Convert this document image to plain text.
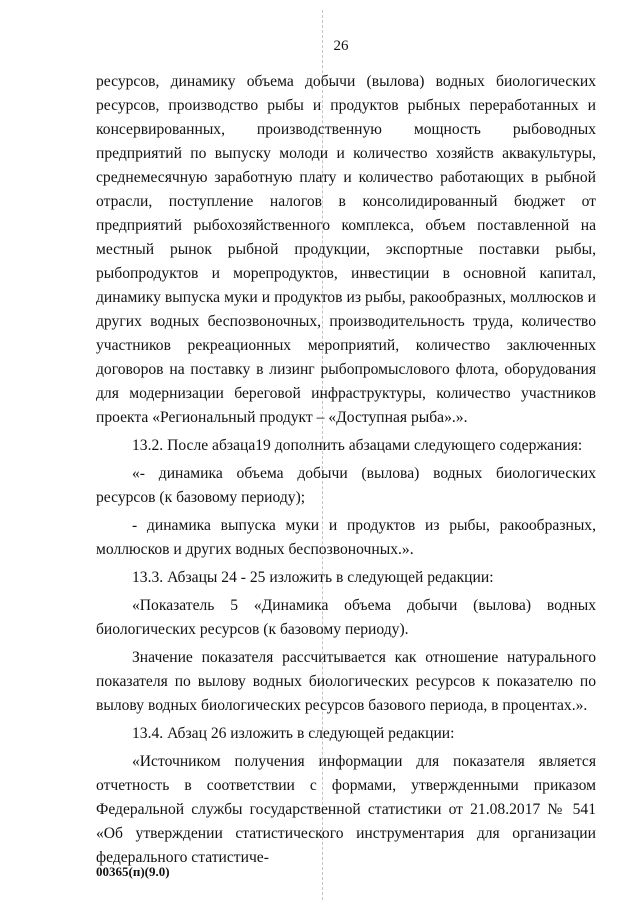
26

ресурсов, динамику объема добычи (вылова) водных биологических ресурсов, производство рыбы и продуктов рыбных переработанных и консервированных, производственную мощность рыбоводных предприятий по выпуску молоди и количество хозяйств аквакультуры, среднемесячную заработную плату и количество работающих в рыбной отрасли, поступление налогов в консолидированный бюджет от предприятий рыбохозяйственного комплекса, объем поставленной на местный рынок рыбной продукции, экспортные поставки рыбы, рыбопродуктов и морепродуктов, инвестиции в основной капитал, динамику выпуска муки и продуктов из рыбы, ракообразных, моллюсков и других водных беспозвоночных, производительность труда, количество участников рекреационных мероприятий, количество заключенных договоров на поставку в лизинг рыбопромыслового флота, оборудования для модернизации береговой инфраструктуры, количество участников проекта «Региональный продукт – «Доступная рыба».».

13.2. После абзаца19 дополнить абзацами следующего содержания:

«- динамика объема добычи (вылова) водных биологических ресурсов (к базовому периоду);

- динамика выпуска муки и продуктов из рыбы, ракообразных, моллюсков и других водных беспозвоночных.».

13.3. Абзацы 24 - 25 изложить в следующей редакции:

«Показатель 5 «Динамика объема добычи (вылова) водных биологических ресурсов (к базовому периоду).

Значение показателя рассчитывается как отношение натурального показателя по вылову водных биологических ресурсов к показателю по вылову водных биологических ресурсов базового периода, в процентах.».

13.4. Абзац 26 изложить в следующей редакции:

«Источником получения информации для показателя является отчетность в соответствии с формами, утвержденными приказом Федеральной службы государственной статистики от 21.08.2017 № 541 «Об утверждении статистического инструментария для организации федерального статистиче-

00365(п)(9.0)
